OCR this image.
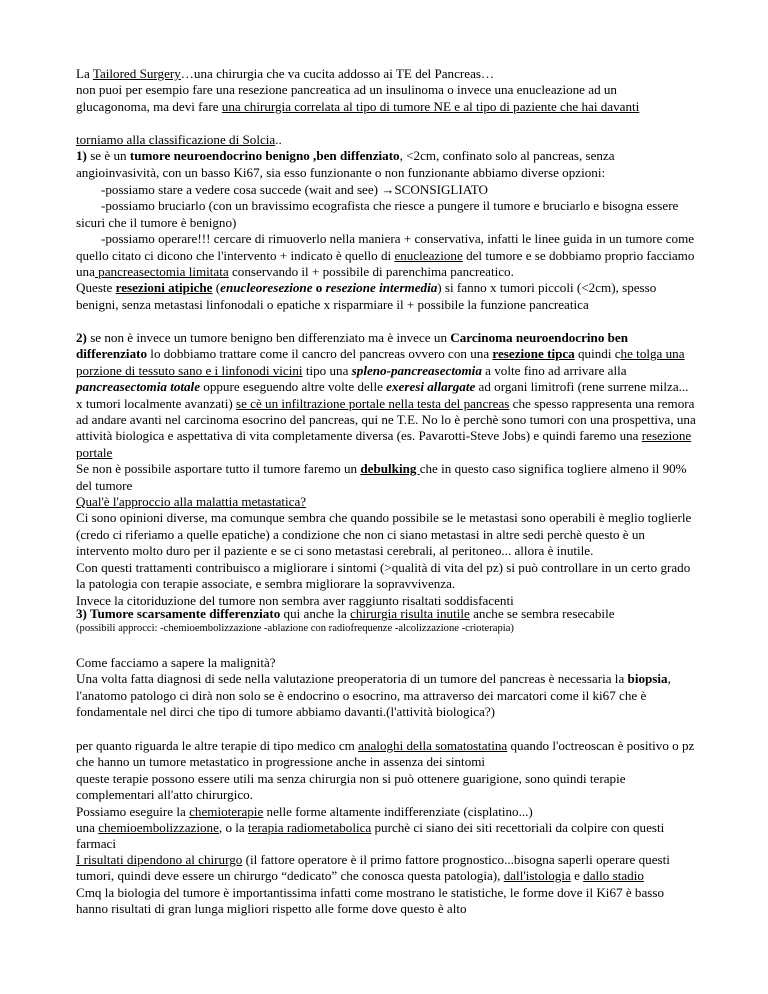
La Tailored Surgery…una chirurgia che va cucita addosso ai TE del Pancreas…

non puoi per esempio fare una resezione pancreatica ad un insulinoma o invece una enucleazione ad un

glucagonoma, ma devi fare una chirurgia correlata al tipo di tumore NE e al tipo di paziente che hai davanti

torniamo alla classificazione di Solcia..

1) se è un tumore neuroendocrino benigno ,ben diffenziato, <2cm, confinato solo al pancreas, senza angioinvasività, con un basso Ki67, sia esso funzionante o non funzionante abbiamo diverse opzioni:

-possiamo stare a vedere cosa succede (wait and see) →SCONSIGLIATO

-possiamo bruciarlo (con un bravissimo ecografista che riesce a pungere il tumore e bruciarlo e bisogna essere sicuri che il tumore è benigno)

-possiamo operare!!! cercare di rimuoverlo nella maniera + conservativa, infatti le linee guida in un tumore come quello citato ci dicono che l'intervento + indicato è quello di enucleazione del tumore e se dobbiamo proprio facciamo una pancreasectomia limitata conservando il + possibile di parenchima pancreatico.

Queste resezioni atipiche (enucleoresezione o resezione intermedia) si fanno x tumori piccoli (<2cm), spesso benigni, senza metastasi linfonodali o epatiche x risparmiare il + possibile la funzione pancreatica

2) se non è invece un tumore benigno ben differenziato ma è invece un Carcinoma neuroendocrino ben differenziato lo dobbiamo trattare come il cancro del pancreas ovvero con una resezione tipca quindi che tolga una porzione di tessuto sano e i linfonodi vicini tipo una spleno-pancreasectomia a volte fino ad arrivare alla pancreasectomia totale oppure eseguendo altre volte delle exeresi allargate ad organi limitrofi (rene surrene milza... x tumori localmente avanzati) se cè un infiltrazione portale nella testa del pancreas che spesso rappresenta una remora ad andare avanti nel carcinoma esocrino del pancreas, qui ne T.E. No lo è perchè sono tumori con una prospettiva, una attività biologica e aspettativa di vita completamente diversa (es. Pavarotti-Steve Jobs) e quindi faremo una resezione portale

Se non è possibile asportare tutto il tumore faremo un debulking che in questo caso significa togliere almeno il 90% del tumore

Qual'è l'approccio alla malattia metastatica?

Ci sono opinioni diverse, ma comunque sembra che quando possibile se le metastasi sono operabili è meglio toglierle (credo ci riferiamo a quelle epatiche) a condizione che non ci siano metastasi in altre sedi perchè questo è un intervento molto duro per il paziente e se ci sono metastasi cerebrali, al peritoneo... allora è inutile.

Con questi trattamenti contribuisco a migliorare i sintomi (>qualità di vita del pz) si può controllare in un certo grado la patologia con terapie associate, e sembra migliorare la sopravvivenza.

Invece la citoriduzione del tumore non sembra aver raggiunto risaltati soddisfacenti

3) Tumore scarsamente differenziato qui anche la chirurgia risulta inutile anche se sembra resecabile

(possibili approcci: -chemioembolizzazione -ablazione con radiofrequenze -alcolizzazione -crioterapia)

Come facciamo a sapere la malignità?

Una volta fatta diagnosi di sede nella valutazione preoperatoria di un tumore del pancreas è necessaria la biopsia, l'anatomo patologo ci dirà non solo se è endocrino o esocrino, ma attraverso dei marcatori come il ki67 che è fondamentale nel dirci che tipo di tumore abbiamo davanti.(l'attività biologica?)

per quanto riguarda le altre terapie di tipo medico cm analoghi della somatostatina quando l'octreoscan è positivo o pz che hanno un tumore metastatico in progressione anche in assenza dei sintomi

queste terapie possono essere utili ma senza chirurgia non si può ottenere guarigione, sono quindi terapie complementari all'atto chirurgico.

Possiamo eseguire la chemioterapie nelle forme altamente indifferenziate (cisplatino...)

una chemioembolizzazione, o la terapia radiometabolica purchè ci siano dei siti recettoriali da colpire con questi farmaci

I risultati dipendono al chirurgo (il fattore operatore è il primo fattore prognostico...bisogna saperli operare questi tumori, quindi deve essere un chirurgo “dedicato” che conosca questa patologia), dall'istologia e dallo stadio

Cmq la biologia del tumore è importantissima infatti come mostrano le statistiche, le forme dove il Ki67 è basso hanno risultati di gran lunga migliori rispetto alle forme dove questo è alto
